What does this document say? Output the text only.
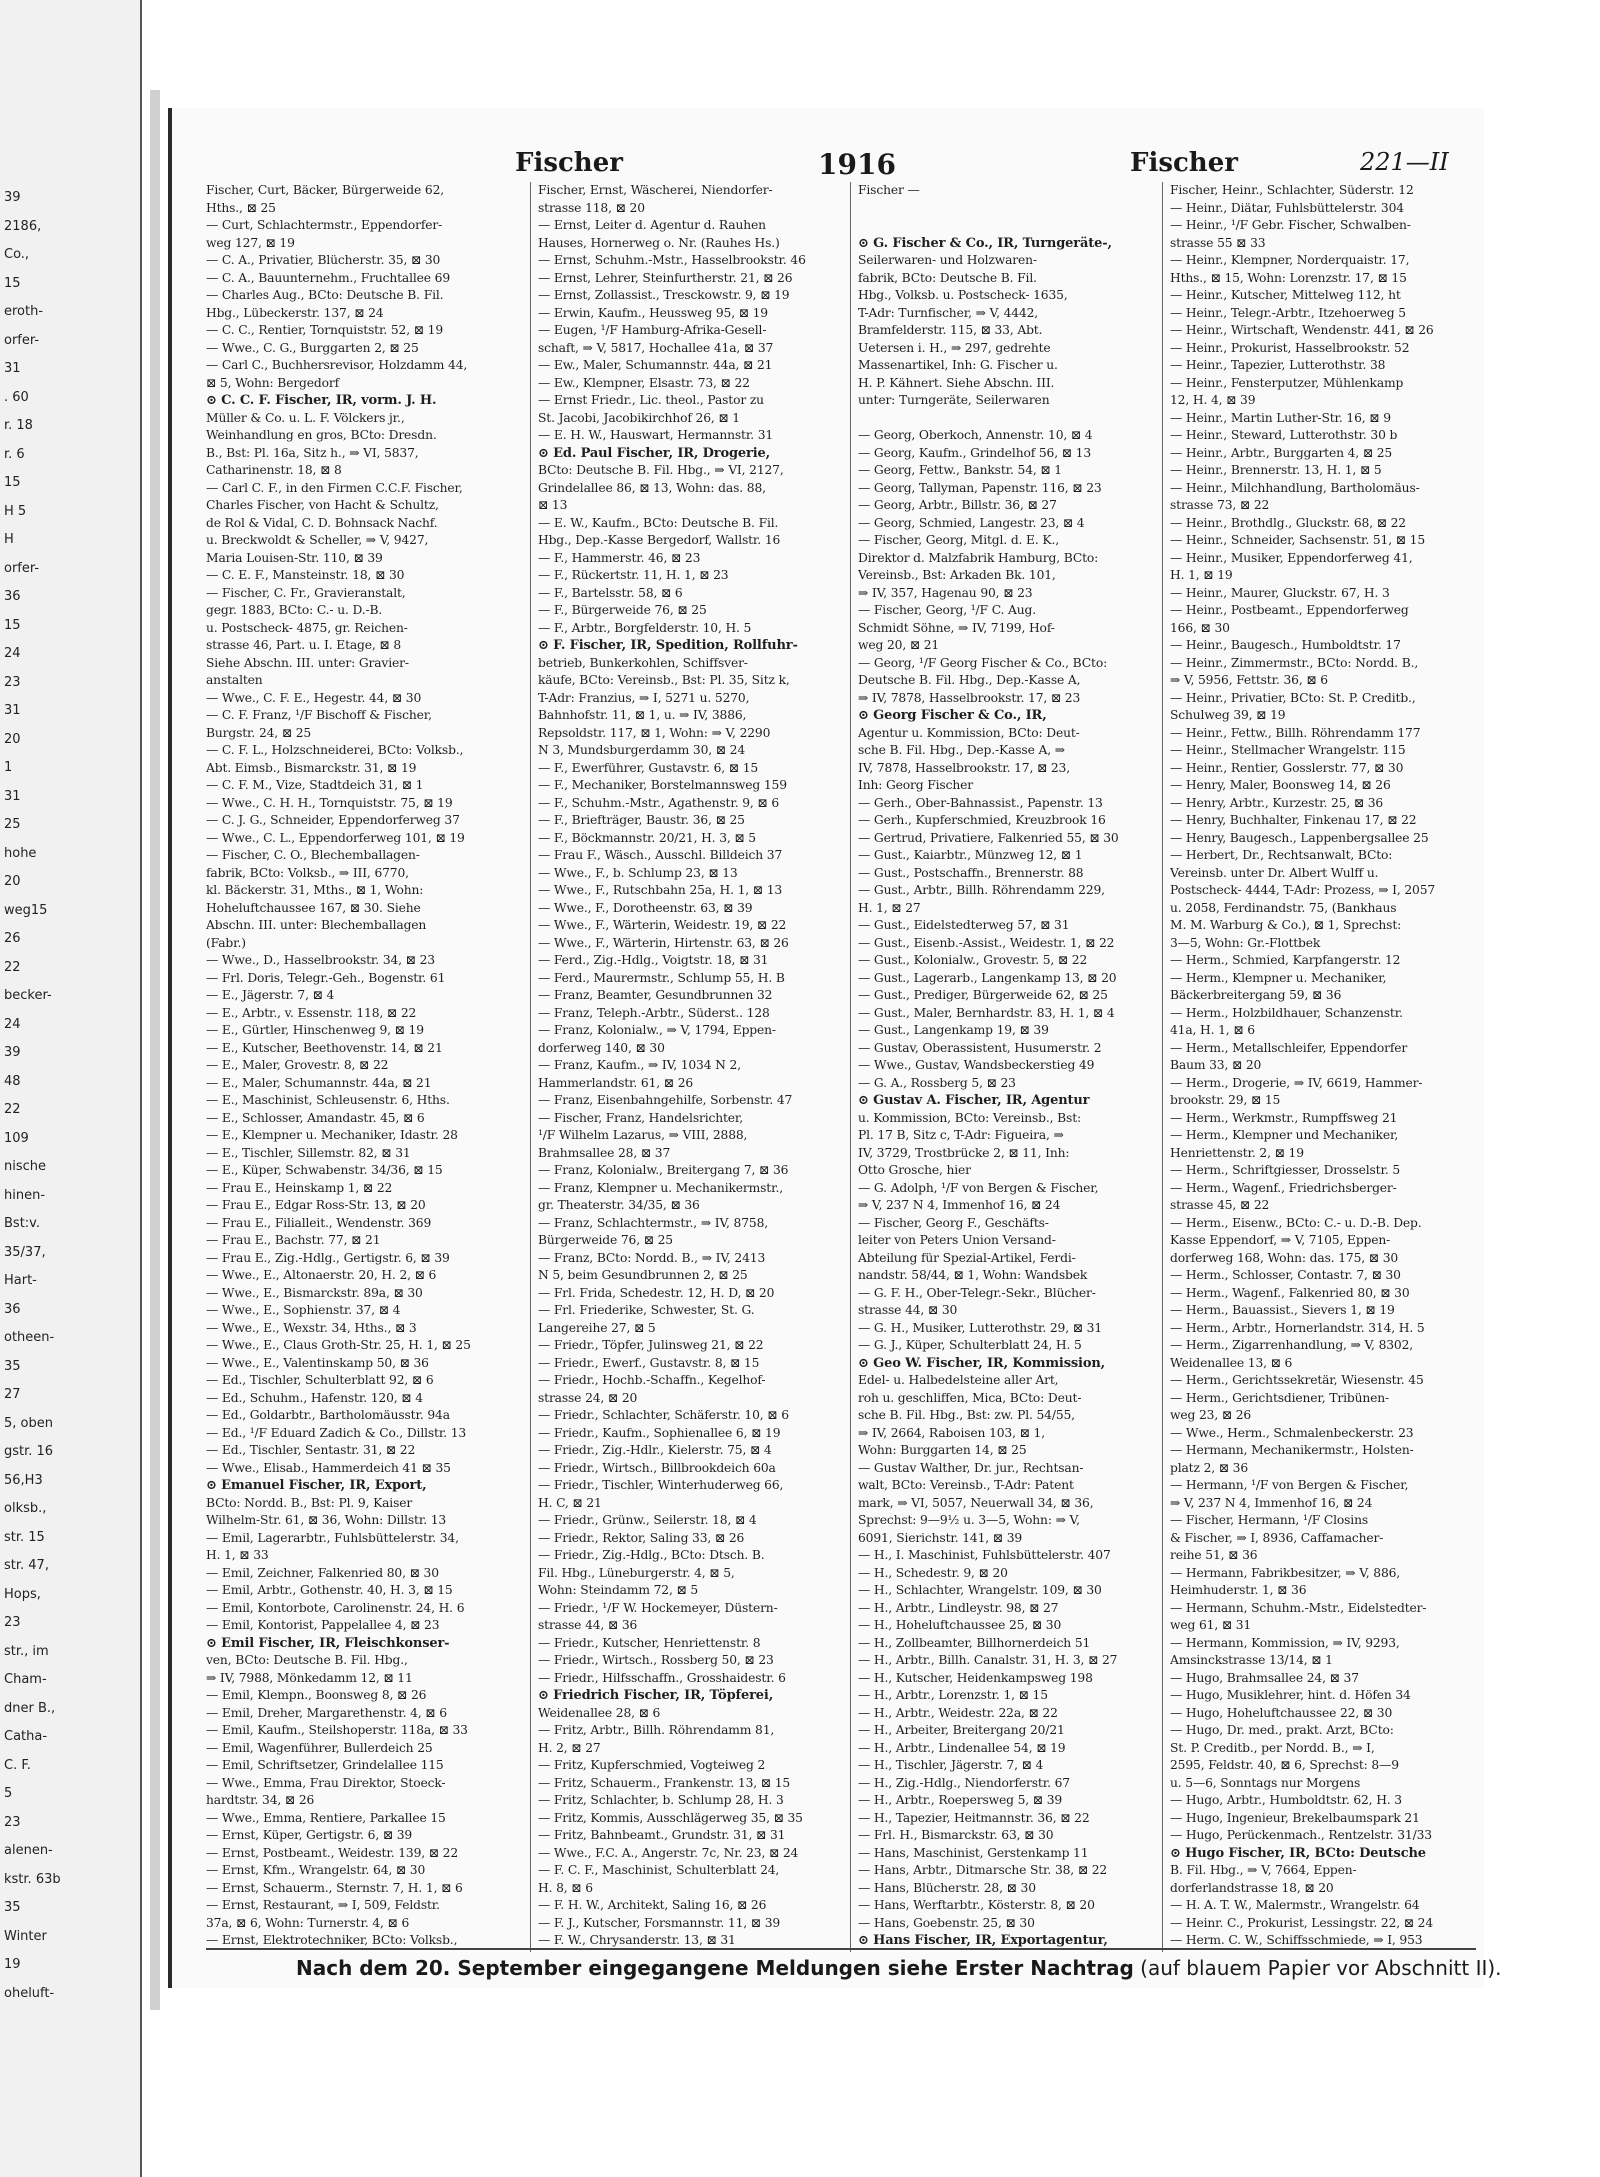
39
2186,
Co.,
15
eroth-
orfer-
31
. 60
r. 18
r. 6
15
H 5
H
orfer-
36
15
24
23
31
20
1
31
25
hohe
20
weg15
26
22
becker-
24
39
48
22
109
nische
hinen-
Bst:v.
35/37,
Hart-
36
otheen-
35
27
5, oben
gstr. 16
56,H3
olksb.,
str. 15
str. 47,
Hops,
23
str., im
Cham-
dner B.,
Catha-
C. F.
5
23
alenen-
kstr. 63b
35
Winter
19
oheluft-
Fischer	1916	Fischer	221—II
Fischer, Curt, Bäcker, Bürgerweide 62,
Hths., ⊠ 25
— Curt, Schlachtermstr., Eppendorfer-
weg 127, ⊠ 19
— C. A., Privatier, Blücherstr. 35, ⊠ 30
— C. A., Bauunternehm., Fruchtallee 69
— Charles Aug., BCto: Deutsche B. Fil.
Hbg., Lübeckerstr. 137, ⊠ 24
— C. C., Rentier, Tornquiststr. 52, ⊠ 19
— Wwe., C. G., Burggarten 2, ⊠ 25
— Carl C., Buchhersrevisor, Holzdamm 44,
⊠ 5, Wohn: Bergedorf
⊙ C. C. F. Fischer, IR, vorm. J. H.
Müller & Co. u. L. F. Völckers jr.,
Weinhandlung en gros, BCto: Dresdn.
B., Bst: Pl. 16a, Sitz h., ⇒ VI, 5837,
Catharinenstr. 18, ⊠ 8
— Carl C. F., in den Firmen C.C.F. Fischer,
Charles Fischer, von Hacht & Schultz,
de Rol & Vidal, C. D. Bohnsack Nachf.
u. Breckwoldt & Scheller, ⇒ V, 9427,
Maria Louisen-Str. 110, ⊠ 39
— C. E. F., Mansteinstr. 18, ⊠ 30
— Fischer, C. Fr., Gravieranstalt,
gegr. 1883, BCto: C.- u. D.-B.
u. Postscheck- 4875, gr. Reichen-
strasse 46, Part. u. I. Etage, ⊠ 8
Siehe Abschn. III. unter: Gravier-
anstalten
— Wwe., C. F. E., Hegestr. 44, ⊠ 30
— C. F. Franz, ¹/F Bischoff & Fischer,
Burgstr. 24, ⊠ 25
— C. F. L., Holzschneiderei, BCto: Volksb.,
Abt. Eimsb., Bismarckstr. 31, ⊠ 19
— C. F. M., Vize, Stadtdeich 31, ⊠ 1
— Wwe., C. H. H., Tornquiststr. 75, ⊠ 19
— C. J. G., Schneider, Eppendorferweg 37
— Wwe., C. L., Eppendorferweg 101, ⊠ 19
— Fischer, C. O., Blechemballagen-
fabrik, BCto: Volksb., ⇒ III, 6770,
kl. Bäckerstr. 31, Mths., ⊠ 1, Wohn:
Hoheluftchaussee 167, ⊠ 30. Siehe
Abschn. III. unter: Blechemballagen
(Fabr.)
— Wwe., D., Hasselbrookstr. 34, ⊠ 23
— Frl. Doris, Telegr.-Geh., Bogenstr. 61
— E., Jägerstr. 7, ⊠ 4
— E., Arbtr., v. Essenstr. 118, ⊠ 22
— E., Gürtler, Hinschenweg 9, ⊠ 19
— E., Kutscher, Beethovenstr. 14, ⊠ 21
— E., Maler, Grovestr. 8, ⊠ 22
— E., Maler, Schumannstr. 44a, ⊠ 21
— E., Maschinist, Schleusenstr. 6, Hths.
— E., Schlosser, Amandastr. 45, ⊠ 6
— E., Klempner u. Mechaniker, Idastr. 28
— E., Tischler, Sillemstr. 82, ⊠ 31
— E., Küper, Schwabenstr. 34/36, ⊠ 15
— Frau E., Heinskamp 1, ⊠ 22
— Frau E., Edgar Ross-Str. 13, ⊠ 20
— Frau E., Filialleit., Wendenstr. 369
— Frau E., Bachstr. 77, ⊠ 21
— Frau E., Zig.-Hdlg., Gertigstr. 6, ⊠ 39
— Wwe., E., Altonaerstr. 20, H. 2, ⊠ 6
— Wwe., E., Bismarckstr. 89a, ⊠ 30
— Wwe., E., Sophienstr. 37, ⊠ 4
— Wwe., E., Wexstr. 34, Hths., ⊠ 3
— Wwe., E., Claus Groth-Str. 25, H. 1, ⊠ 25
— Wwe., E., Valentinskamp 50, ⊠ 36
— Ed., Tischler, Schulterblatt 92, ⊠ 6
— Ed., Schuhm., Hafenstr. 120, ⊠ 4
— Ed., Goldarbtr., Bartholomäusstr. 94a
— Ed., ¹/F Eduard Zadich & Co., Dillstr. 13
— Ed., Tischler, Sentastr. 31, ⊠ 22
— Wwe., Elisab., Hammerdeich 41 ⊠ 35
⊙ Emanuel Fischer, IR, Export,
BCto: Nordd. B., Bst: Pl. 9, Kaiser
Wilhelm-Str. 61, ⊠ 36, Wohn: Dillstr. 13
— Emil, Lagerarbtr., Fuhlsbüttelerstr. 34,
H. 1, ⊠ 33
— Emil, Zeichner, Falkenried 80, ⊠ 30
— Emil, Arbtr., Gothenstr. 40, H. 3, ⊠ 15
— Emil, Kontorbote, Carolinenstr. 24, H. 6
— Emil, Kontorist, Pappelallee 4, ⊠ 23
⊙ Emil Fischer, IR, Fleischkonser-
ven, BCto: Deutsche B. Fil. Hbg.,
⇒ IV, 7988, Mönkedamm 12, ⊠ 11
— Emil, Klempn., Boonsweg 8, ⊠ 26
— Emil, Dreher, Margarethenstr. 4, ⊠ 6
— Emil, Kaufm., Steilshoperstr. 118a, ⊠ 33
— Emil, Wagenführer, Bullerdeich 25
— Emil, Schriftsetzer, Grindelallee 115
— Wwe., Emma, Frau Direktor, Stoeck-
hardtstr. 34, ⊠ 26
— Wwe., Emma, Rentiere, Parkallee 15
— Ernst, Küper, Gertigstr. 6, ⊠ 39
— Ernst, Postbeamt., Weidestr. 139, ⊠ 22
— Ernst, Kfm., Wrangelstr. 64, ⊠ 30
— Ernst, Schauerm., Sternstr. 7, H. 1, ⊠ 6
— Ernst, Restaurant, ⇒ I, 509, Feldstr.
37a, ⊠ 6, Wohn: Turnerstr. 4, ⊠ 6
— Ernst, Elektrotechniker, BCto: Volksb.,
Fischer, Ernst, Wäscherei, Niendorfer-
strasse 118, ⊠ 20
— Ernst, Leiter d. Agentur d. Rauhen
Hauses, Hornerweg o. Nr. (Rauhes Hs.)
— Ernst, Schuhm.-Mstr., Hasselbrookstr. 46
— Ernst, Lehrer, Steinfurtherstr. 21, ⊠ 26
— Ernst, Zollassist., Tresckowstr. 9, ⊠ 19
— Erwin, Kaufm., Heussweg 95, ⊠ 19
— Eugen, ¹/F Hamburg-Afrika-Gesell-
schaft, ⇒ V, 5817, Hochallee 41a, ⊠ 37
— Ew., Maler, Schumannstr. 44a, ⊠ 21
— Ew., Klempner, Elsastr. 73, ⊠ 22
— Ernst Friedr., Lic. theol., Pastor zu
St. Jacobi, Jacobikirchhof 26, ⊠ 1
— E. H. W., Hauswart, Hermannstr. 31
⊙ Ed. Paul Fischer, IR, Drogerie,
BCto: Deutsche B. Fil. Hbg., ⇒ VI, 2127,
Grindelallee 86, ⊠ 13, Wohn: das. 88,
⊠ 13
— E. W., Kaufm., BCto: Deutsche B. Fil.
Hbg., Dep.-Kasse Bergedorf, Wallstr. 16
— F., Hammerstr. 46, ⊠ 23
— F., Rückertstr. 11, H. 1, ⊠ 23
— F., Bartelsstr. 58, ⊠ 6
— F., Bürgerweide 76, ⊠ 25
— F., Arbtr., Borgfelderstr. 10, H. 5
⊙ F. Fischer, IR, Spedition, Rollfuhr-
betrieb, Bunkerkohlen, Schiffsver-
käufe, BCto: Vereinsb., Bst: Pl. 35, Sitz k,
T-Adr: Franzius, ⇒ I, 5271 u. 5270,
Bahnhofstr. 11, ⊠ 1, u. ⇒ IV, 3886,
Repsoldstr. 117, ⊠ 1, Wohn: ⇒ V, 2290
N 3, Mundsburgerdamm 30, ⊠ 24
— F., Ewerführer, Gustavstr. 6, ⊠ 15
— F., Mechaniker, Borstelmannsweg 159
— F., Schuhm.-Mstr., Agathenstr. 9, ⊠ 6
— F., Briefträger, Baustr. 36, ⊠ 25
— F., Böckmannstr. 20/21, H. 3, ⊠ 5
— Frau F., Wäsch., Ausschl. Billdeich 37
— Wwe., F., b. Schlump 23, ⊠ 13
— Wwe., F., Rutschbahn 25a, H. 1, ⊠ 13
— Wwe., F., Dorotheenstr. 63, ⊠ 39
— Wwe., F., Wärterin, Weidestr. 19, ⊠ 22
— Wwe., F., Wärterin, Hirtenstr. 63, ⊠ 26
— Ferd., Zig.-Hdlg., Voigtstr. 18, ⊠ 31
— Ferd., Maurermstr., Schlump 55, H. B
— Franz, Beamter, Gesundbrunnen 32
— Franz, Teleph.-Arbtr., Süderst.. 128
— Franz, Kolonialw., ⇒ V, 1794, Eppen-
dorferweg 140, ⊠ 30
— Franz, Kaufm., ⇒ IV, 1034 N 2,
Hammerlandstr. 61, ⊠ 26
— Franz, Eisenbahngehilfe, Sorbenstr. 47
— Fischer, Franz, Handelsrichter,
¹/F Wilhelm Lazarus, ⇒ VIII, 2888,
Brahmsallee 28, ⊠ 37
— Franz, Kolonialw., Breitergang 7, ⊠ 36
— Franz, Klempner u. Mechanikermstr.,
gr. Theaterstr. 34/35, ⊠ 36
— Franz, Schlachtermstr., ⇒ IV, 8758,
Bürgerweide 76, ⊠ 25
— Franz, BCto: Nordd. B., ⇒ IV, 2413
N 5, beim Gesundbrunnen 2, ⊠ 25
— Frl. Frida, Schedestr. 12, H. D, ⊠ 20
— Frl. Friederike, Schwester, St. G.
Langereihe 27, ⊠ 5
— Friedr., Töpfer, Julinsweg 21, ⊠ 22
— Friedr., Ewerf., Gustavstr. 8, ⊠ 15
— Friedr., Hochb.-Schaffn., Kegelhof-
strasse 24, ⊠ 20
— Friedr., Schlachter, Schäferstr. 10, ⊠ 6
— Friedr., Kaufm., Sophienallee 6, ⊠ 19
— Friedr., Zig.-Hdlr., Kielerstr. 75, ⊠ 4
— Friedr., Wirtsch., Billbrookdeich 60a
— Friedr., Tischler, Winterhuderweg 66,
H. C, ⊠ 21
— Friedr., Grünw., Seilerstr. 18, ⊠ 4
— Friedr., Rektor, Saling 33, ⊠ 26
— Friedr., Zig.-Hdlg., BCto: Dtsch. B.
Fil. Hbg., Lüneburgerstr. 4, ⊠ 5,
Wohn: Steindamm 72, ⊠ 5
— Friedr., ¹/F W. Hockemeyer, Düstern-
strasse 44, ⊠ 36
— Friedr., Kutscher, Henriettenstr. 8
— Friedr., Wirtsch., Rossberg 50, ⊠ 23
— Friedr., Hilfsschaffn., Grosshaidestr. 6
⊙ Friedrich Fischer, IR, Töpferei,
Weidenallee 28, ⊠ 6
— Fritz, Arbtr., Billh. Röhrendamm 81,
H. 2, ⊠ 27
— Fritz, Kupferschmied, Vogteiweg 2
— Fritz, Schauerm., Frankenstr. 13, ⊠ 15
— Fritz, Schlachter, b. Schlump 28, H. 3
— Fritz, Kommis, Ausschlägerweg 35, ⊠ 35
— Fritz, Bahnbeamt., Grundstr. 31, ⊠ 31
— Wwe., F.C. A., Angerstr. 7c, Nr. 23, ⊠ 24
— F. C. F., Maschinist, Schulterblatt 24,
H. 8, ⊠ 6
— F. H. W., Architekt, Saling 16, ⊠ 26
— F. J., Kutscher, Forsmannstr. 11, ⊠ 39
— F. W., Chrysanderstr. 13, ⊠ 31
Fischer —

⊙ G. Fischer & Co., IR, Turngeräte-,
Seilerwaren- und Holzwaren-
fabrik, BCto: Deutsche B. Fil.
Hbg., Volksb. u. Postscheck- 1635,
T-Adr: Turnfischer, ⇒ V, 4442,
Bramfelderstr. 115, ⊠ 33, Abt.
Uetersen i. H., ⇒ 297, gedrehte
Massenartikel, Inh: G. Fischer u.
H. P. Kähnert. Siehe Abschn. III.
unter: Turngeräte, Seilerwaren

— Georg, Oberkoch, Annenstr. 10, ⊠ 4
— Georg, Kaufm., Grindelhof 56, ⊠ 13
— Georg, Fettw., Bankstr. 54, ⊠ 1
— Georg, Tallyman, Papenstr. 116, ⊠ 23
— Georg, Arbtr., Billstr. 36, ⊠ 27
— Georg, Schmied, Langestr. 23, ⊠ 4
— Fischer, Georg, Mitgl. d. E. K.,
Direktor d. Malzfabrik Hamburg, BCto:
Vereinsb., Bst: Arkaden Bk. 101,
⇒ IV, 357, Hagenau 90, ⊠ 23
— Fischer, Georg, ¹/F C. Aug.
Schmidt Söhne, ⇒ IV, 7199, Hof-
weg 20, ⊠ 21
— Georg, ¹/F Georg Fischer & Co., BCto:
Deutsche B. Fil. Hbg., Dep.-Kasse A,
⇒ IV, 7878, Hasselbrookstr. 17, ⊠ 23
⊙ Georg Fischer & Co., IR,
Agentur u. Kommission, BCto: Deut-
sche B. Fil. Hbg., Dep.-Kasse A, ⇒
IV, 7878, Hasselbrookstr. 17, ⊠ 23,
Inh: Georg Fischer
— Gerh., Ober-Bahnassist., Papenstr. 13
— Gerh., Kupferschmied, Kreuzbrook 16
— Gertrud, Privatiere, Falkenried 55, ⊠ 30
— Gust., Kaiarbtr., Münzweg 12, ⊠ 1
— Gust., Postschaffn., Brennerstr. 88
— Gust., Arbtr., Billh. Röhrendamm 229,
H. 1, ⊠ 27
— Gust., Eidelstedterweg 57, ⊠ 31
— Gust., Eisenb.-Assist., Weidestr. 1, ⊠ 22
— Gust., Kolonialw., Grovestr. 5, ⊠ 22
— Gust., Lagerarb., Langenkamp 13, ⊠ 20
— Gust., Prediger, Bürgerweide 62, ⊠ 25
— Gust., Maler, Bernhardstr. 83, H. 1, ⊠ 4
— Gust., Langenkamp 19, ⊠ 39
— Gustav, Oberassistent, Husumerstr. 2
— Wwe., Gustav, Wandsbeckerstieg 49
— G. A., Rossberg 5, ⊠ 23
⊙ Gustav A. Fischer, IR, Agentur
u. Kommission, BCto: Vereinsb., Bst:
Pl. 17 B, Sitz c, T-Adr: Figueira, ⇒
IV, 3729, Trostbrücke 2, ⊠ 11, Inh:
Otto Grosche, hier
— G. Adolph, ¹/F von Bergen & Fischer,
⇒ V, 237 N 4, Immenhof 16, ⊠ 24
— Fischer, Georg F., Geschäfts-
leiter von Peters Union Versand-
Abteilung für Spezial-Artikel, Ferdi-
nandstr. 58/44, ⊠ 1, Wohn: Wandsbek
— G. F. H., Ober-Telegr.-Sekr., Blücher-
strasse 44, ⊠ 30
— G. H., Musiker, Lutterothstr. 29, ⊠ 31
— G. J., Küper, Schulterblatt 24, H. 5
⊙ Geo W. Fischer, IR, Kommission,
Edel- u. Halbedelsteine aller Art,
roh u. geschliffen, Mica, BCto: Deut-
sche B. Fil. Hbg., Bst: zw. Pl. 54/55,
⇒ IV, 2664, Raboisen 103, ⊠ 1,
Wohn: Burggarten 14, ⊠ 25
— Gustav Walther, Dr. jur., Rechtsan-
walt, BCto: Vereinsb., T-Adr: Patent
mark, ⇒ VI, 5057, Neuerwall 34, ⊠ 36,
Sprechst: 9—9½ u. 3—5, Wohn: ⇒ V,
6091, Sierichstr. 141, ⊠ 39
— H., I. Maschinist, Fuhlsbüttelerstr. 407
— H., Schedestr. 9, ⊠ 20
— H., Schlachter, Wrangelstr. 109, ⊠ 30
— H., Arbtr., Lindleystr. 98, ⊠ 27
— H., Hoheluftchaussee 25, ⊠ 30
— H., Zollbeamter, Billhornerdeich 51
— H., Arbtr., Billh. Canalstr. 31, H. 3, ⊠ 27
— H., Kutscher, Heidenkampsweg 198
— H., Arbtr., Lorenzstr. 1, ⊠ 15
— H., Arbtr., Weidestr. 22a, ⊠ 22
— H., Arbeiter, Breitergang 20/21
— H., Arbtr., Lindenallee 54, ⊠ 19
— H., Tischler, Jägerstr. 7, ⊠ 4
— H., Zig.-Hdlg., Niendorferstr. 67
— H., Arbtr., Roepersweg 5, ⊠ 39
— H., Tapezier, Heitmannstr. 36, ⊠ 22
— Frl. H., Bismarckstr. 63, ⊠ 30
— Hans, Maschinist, Gerstenkamp 11
— Hans, Arbtr., Ditmarsche Str. 38, ⊠ 22
— Hans, Blücherstr. 28, ⊠ 30
— Hans, Werftarbtr., Kösterstr. 8, ⊠ 20
— Hans, Goebenstr. 25, ⊠ 30
⊙ Hans Fischer, IR, Exportagentur,
Fischer, Heinr., Schlachter, Süderstr. 12
— Heinr., Diätar, Fuhlsbüttelerstr. 304
— Heinr., ¹/F Gebr. Fischer, Schwalben-
strasse 55 ⊠ 33
— Heinr., Klempner, Norderquaistr. 17,
Hths., ⊠ 15, Wohn: Lorenzstr. 17, ⊠ 15
— Heinr., Kutscher, Mittelweg 112, ht
— Heinr., Telegr.-Arbtr., Itzehoerweg 5
— Heinr., Wirtschaft, Wendenstr. 441, ⊠ 26
— Heinr., Prokurist, Hasselbrookstr. 52
— Heinr., Tapezier, Lutterothstr. 38
— Heinr., Fensterputzer, Mühlenkamp
12, H. 4, ⊠ 39
— Heinr., Martin Luther-Str. 16, ⊠ 9
— Heinr., Steward, Lutterothstr. 30 b
— Heinr., Arbtr., Burggarten 4, ⊠ 25
— Heinr., Brennerstr. 13, H. 1, ⊠ 5
— Heinr., Milchhandlung, Bartholomäus-
strasse 73, ⊠ 22
— Heinr., Brothdlg., Gluckstr. 68, ⊠ 22
— Heinr., Schneider, Sachsenstr. 51, ⊠ 15
— Heinr., Musiker, Eppendorferweg 41,
H. 1, ⊠ 19
— Heinr., Maurer, Gluckstr. 67, H. 3
— Heinr., Postbeamt., Eppendorferweg
166, ⊠ 30
— Heinr., Baugesch., Humboldtstr. 17
— Heinr., Zimmermstr., BCto: Nordd. B.,
⇒ V, 5956, Fettstr. 36, ⊠ 6
— Heinr., Privatier, BCto: St. P. Creditb.,
Schulweg 39, ⊠ 19
— Heinr., Fettw., Billh. Röhrendamm 177
— Heinr., Stellmacher Wrangelstr. 115
— Heinr., Rentier, Gosslerstr. 77, ⊠ 30
— Henry, Maler, Boonsweg 14, ⊠ 26
— Henry, Arbtr., Kurzestr. 25, ⊠ 36
— Henry, Buchhalter, Finkenau 17, ⊠ 22
— Henry, Baugesch., Lappenbergsallee 25
— Herbert, Dr., Rechtsanwalt, BCto:
Vereinsb. unter Dr. Albert Wulff u.
Postscheck- 4444, T-Adr: Prozess, ⇒ I, 2057
u. 2058, Ferdinandstr. 75, (Bankhaus
M. M. Warburg & Co.), ⊠ 1, Sprechst:
3—5, Wohn: Gr.-Flottbek
— Herm., Schmied, Karpfangerstr. 12
— Herm., Klempner u. Mechaniker,
Bäckerbreitergang 59, ⊠ 36
— Herm., Holzbildhauer, Schanzenstr.
41a, H. 1, ⊠ 6
— Herm., Metallschleifer, Eppendorfer
Baum 33, ⊠ 20
— Herm., Drogerie, ⇒ IV, 6619, Hammer-
brookstr. 29, ⊠ 15
— Herm., Werkmstr., Rumpffsweg 21
— Herm., Klempner und Mechaniker,
Henriettenstr. 2, ⊠ 19
— Herm., Schriftgiesser, Drosselstr. 5
— Herm., Wagenf., Friedrichsberger-
strasse 45, ⊠ 22
— Herm., Eisenw., BCto: C.- u. D.-B. Dep.
Kasse Eppendorf, ⇒ V, 7105, Eppen-
dorferweg 168, Wohn: das. 175, ⊠ 30
— Herm., Schlosser, Contastr. 7, ⊠ 30
— Herm., Wagenf., Falkenried 80, ⊠ 30
— Herm., Bauassist., Sievers 1, ⊠ 19
— Herm., Arbtr., Hornerlandstr. 314, H. 5
— Herm., Zigarrenhandlung, ⇒ V, 8302,
Weidenallee 13, ⊠ 6
— Herm., Gerichtssekretär, Wiesenstr. 45
— Herm., Gerichtsdiener, Tribünen-
weg 23, ⊠ 26
— Wwe., Herm., Schmalenbeckerstr. 23
— Hermann, Mechanikermstr., Holsten-
platz 2, ⊠ 36
— Hermann, ¹/F von Bergen & Fischer,
⇒ V, 237 N 4, Immenhof 16, ⊠ 24
— Fischer, Hermann, ¹/F Closins
& Fischer, ⇒ I, 8936, Caffamacher-
reihe 51, ⊠ 36
— Hermann, Fabrikbesitzer, ⇒ V, 886,
Heimhuderstr. 1, ⊠ 36
— Hermann, Schuhm.-Mstr., Eidelstedter-
weg 61, ⊠ 31
— Hermann, Kommission, ⇒ IV, 9293,
Amsinckstrasse 13/14, ⊠ 1
— Hugo, Brahmsallee 24, ⊠ 37
— Hugo, Musiklehrer, hint. d. Höfen 34
— Hugo, Hoheluftchaussee 22, ⊠ 30
— Hugo, Dr. med., prakt. Arzt, BCto:
St. P. Creditb., per Nordd. B., ⇒ I,
2595, Feldstr. 40, ⊠ 6, Sprechst: 8—9
u. 5—6, Sonntags nur Morgens
— Hugo, Arbtr., Humboldtstr. 62, H. 3
— Hugo, Ingenieur, Brekelbaumspark 21
— Hugo, Perückenmach., Rentzelstr. 31/33
⊙ Hugo Fischer, IR, BCto: Deutsche
B. Fil. Hbg., ⇒ V, 7664, Eppen-
dorferlandstrasse 18, ⊠ 20
— H. A. T. W., Malermstr., Wrangelstr. 64
— Heinr. C., Prokurist, Lessingstr. 22, ⊠ 24
— Herm. C. W., Schiffsschmiede, ⇒ I, 953
Nach dem 20. September eingegangene Meldungen siehe Erster Nachtrag (auf blauem Papier vor Abschnitt II).
